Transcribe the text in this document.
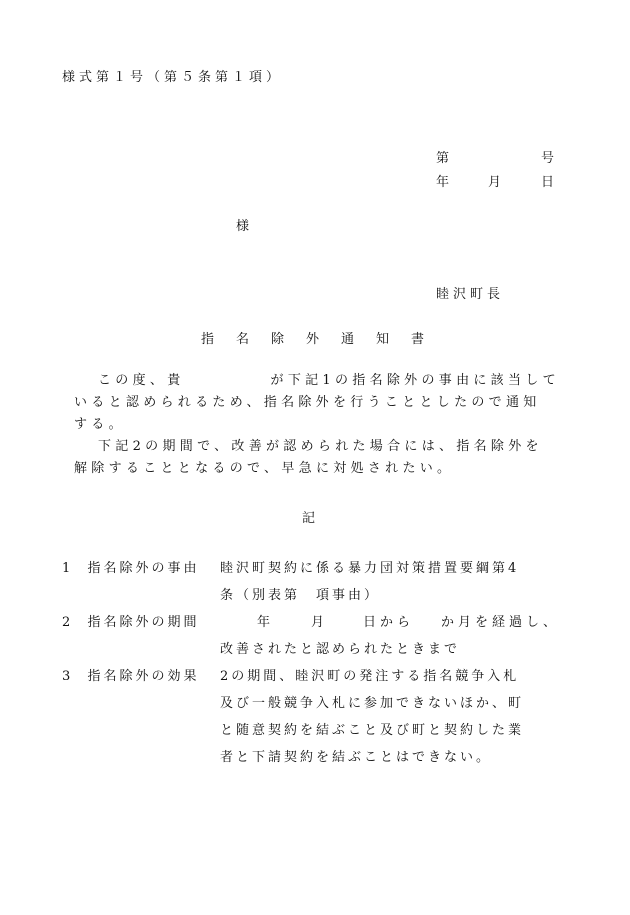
様式第１号（第５条第１項）
第	号
年	月	日
様
睦沢町長
指名除外通知書
この度、貴	が下記1の指名除外の事由に該当して
いると認められるため、指名除外を行うこととしたので通知
する。
下記2の期間で、改善が認められた場合には、指名除外を
解除することとなるので、早急に対処されたい。
記
1 指名除外の事由 睦沢町契約に係る暴力団対策措置要綱第4
条（別表第　項事由）
2 指名除外の期間	年	月	日から か月を経過し、
改善されたと認められたときまで
3 指名除外の効果 2の期間、睦沢町の発注する指名競争入札
及び一般競争入札に参加できないほか、町
と随意契約を結ぶこと及び町と契約した業
者と下請契約を結ぶことはできない。
